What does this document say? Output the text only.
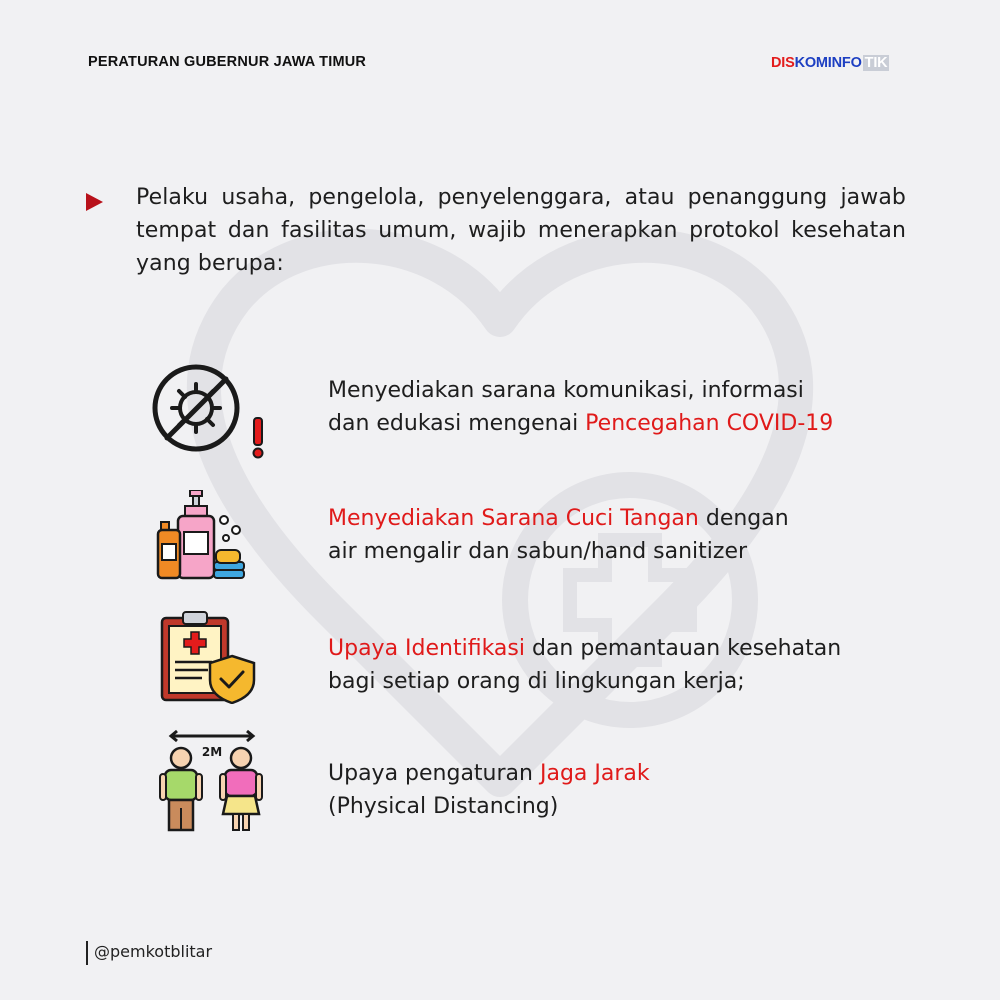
PERATURAN GUBERNUR JAWA TIMUR	DIS KOMINFO TIK
Pelaku usaha, pengelola, penyelenggara, atau penanggung jawab tempat dan fasilitas umum, wajib menerapkan protokol kesehatan yang berupa:
Menyediakan sarana komunikasi, informasi
dan edukasi mengenai Pencegahan COVID-19
Menyediakan Sarana Cuci Tangan dengan
air mengalir dan sabun/hand sanitizer
Upaya Identifikasi dan pemantauan kesehatan
bagi setiap orang di lingkungan kerja;
2M
Upaya pengaturan Jaga Jarak
(Physical Distancing)
@pemkotblitar
